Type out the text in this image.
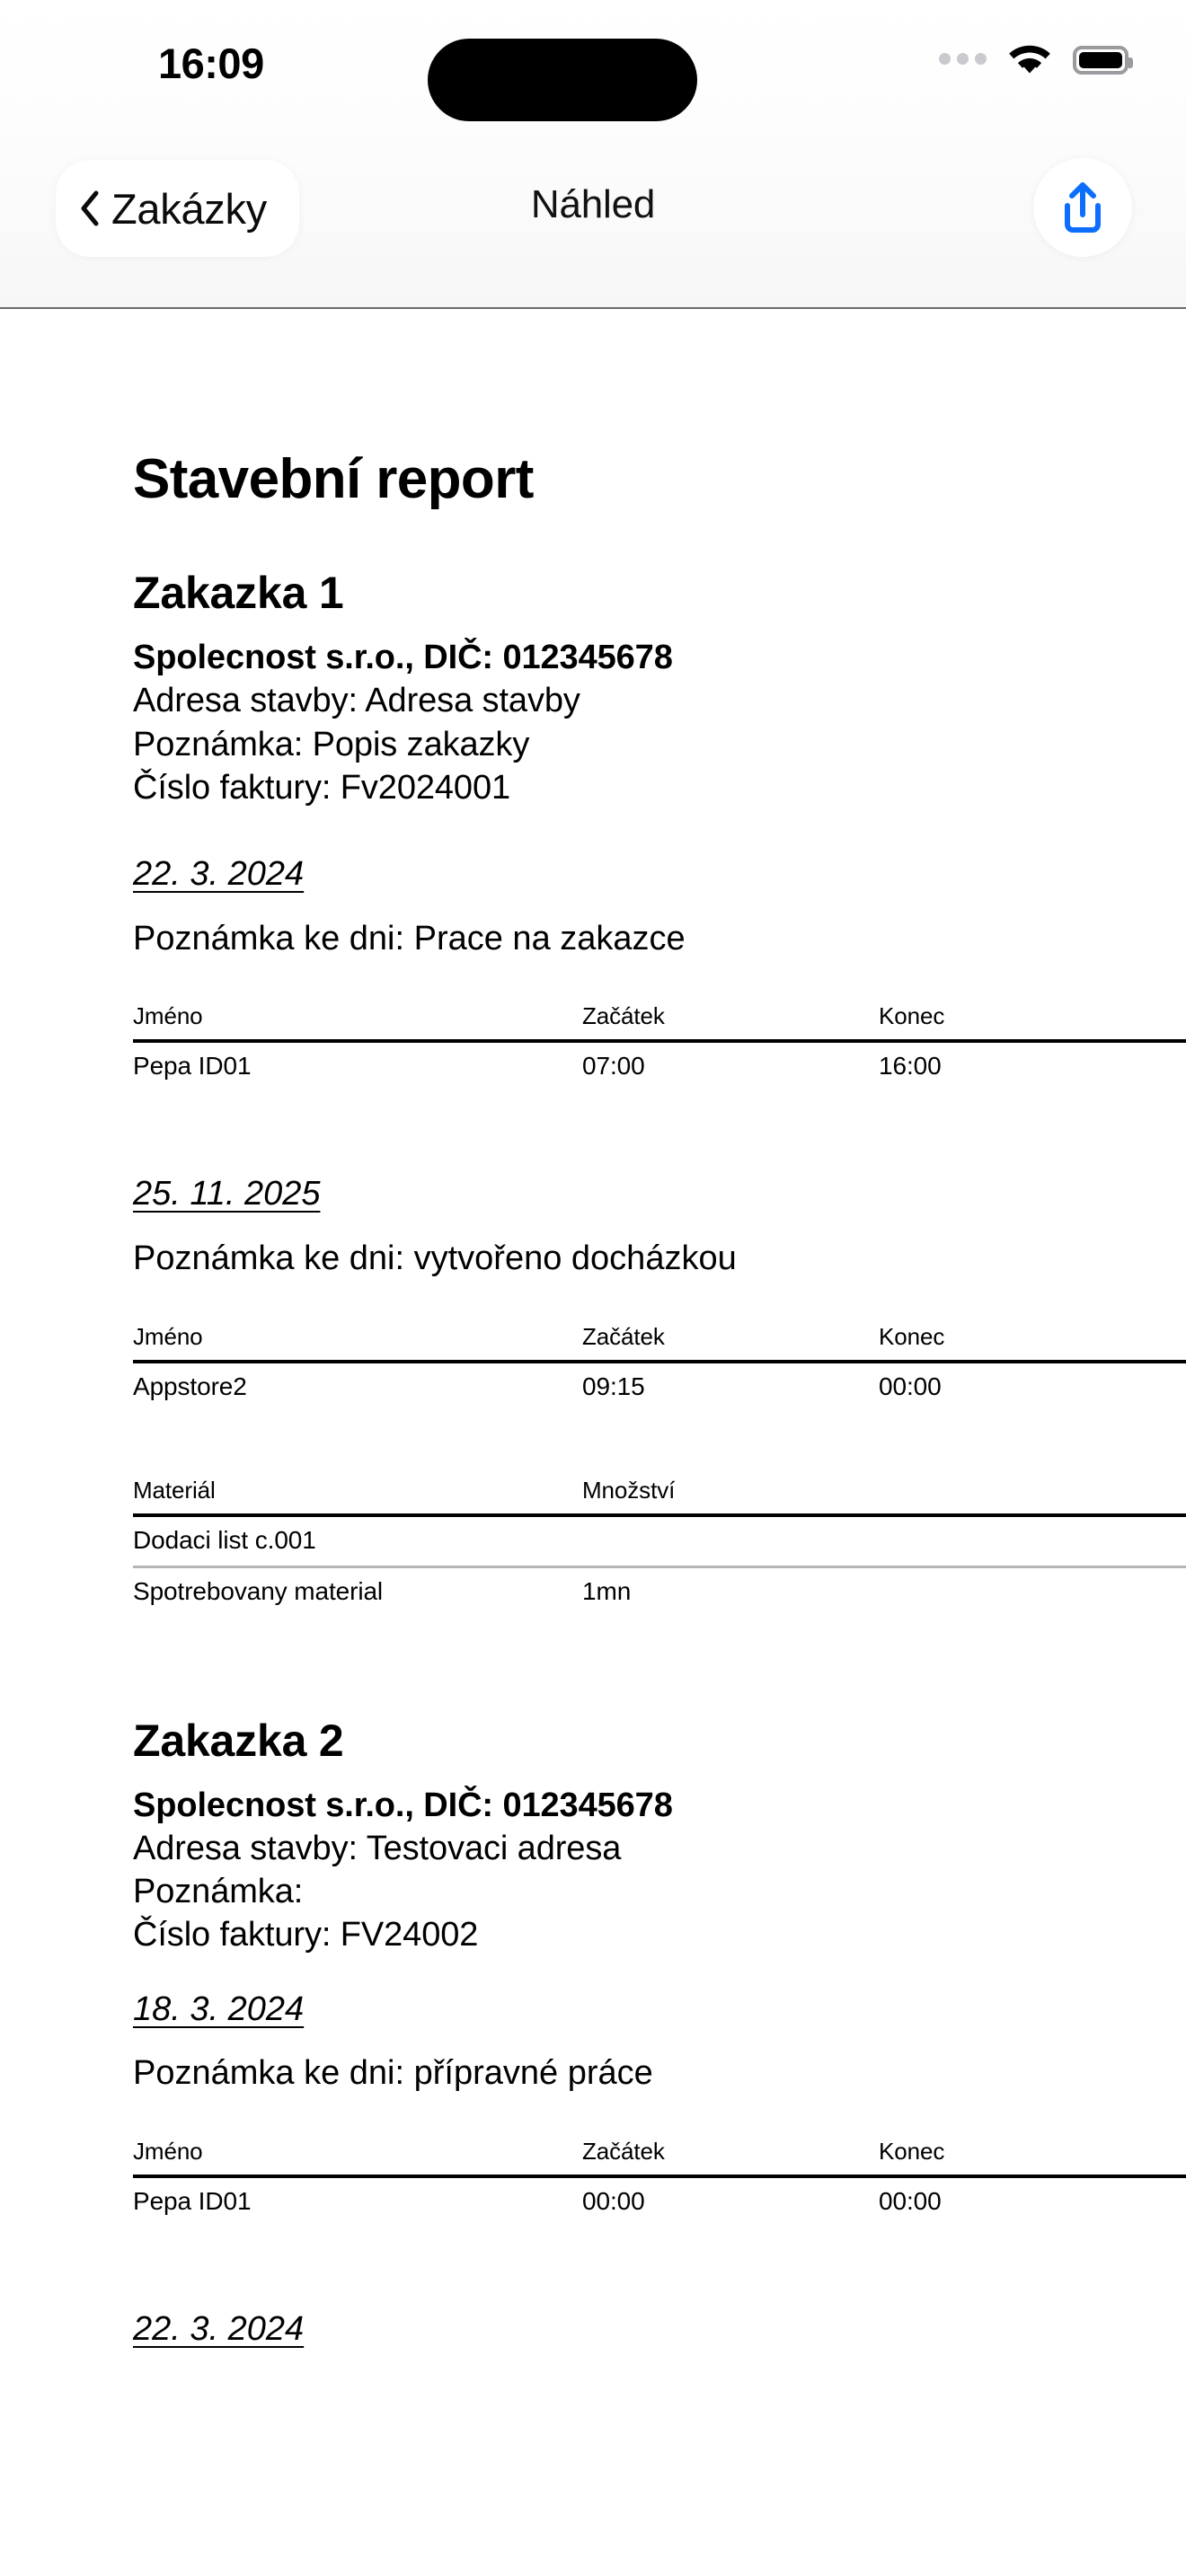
16:09
Zakázky	Náhled
Stavební report
Zakazka 1
Spolecnost s.r.o., DIČ: 012345678
Adresa stavby: Adresa stavby
Poznámka: Popis zakazky
Číslo faktury: Fv2024001
22. 3. 2024
Poznámka ke dni: Prace na zakazce
Jméno	Začátek	Konec
Pepa ID01	07:00	16:00
25. 11. 2025
Poznámka ke dni: vytvořeno docházkou
Jméno	Začátek	Konec
Appstore2	09:15	00:00
Materiál	Množství
Dodaci list c.001	
Spotrebovany material	1mn
Zakazka 2
Spolecnost s.r.o., DIČ: 012345678
Adresa stavby: Testovaci adresa
Poznámka:
Číslo faktury: FV24002
18. 3. 2024
Poznámka ke dni: přípravné práce
Jméno	Začátek	Konec
Pepa ID01	00:00	00:00
22. 3. 2024
